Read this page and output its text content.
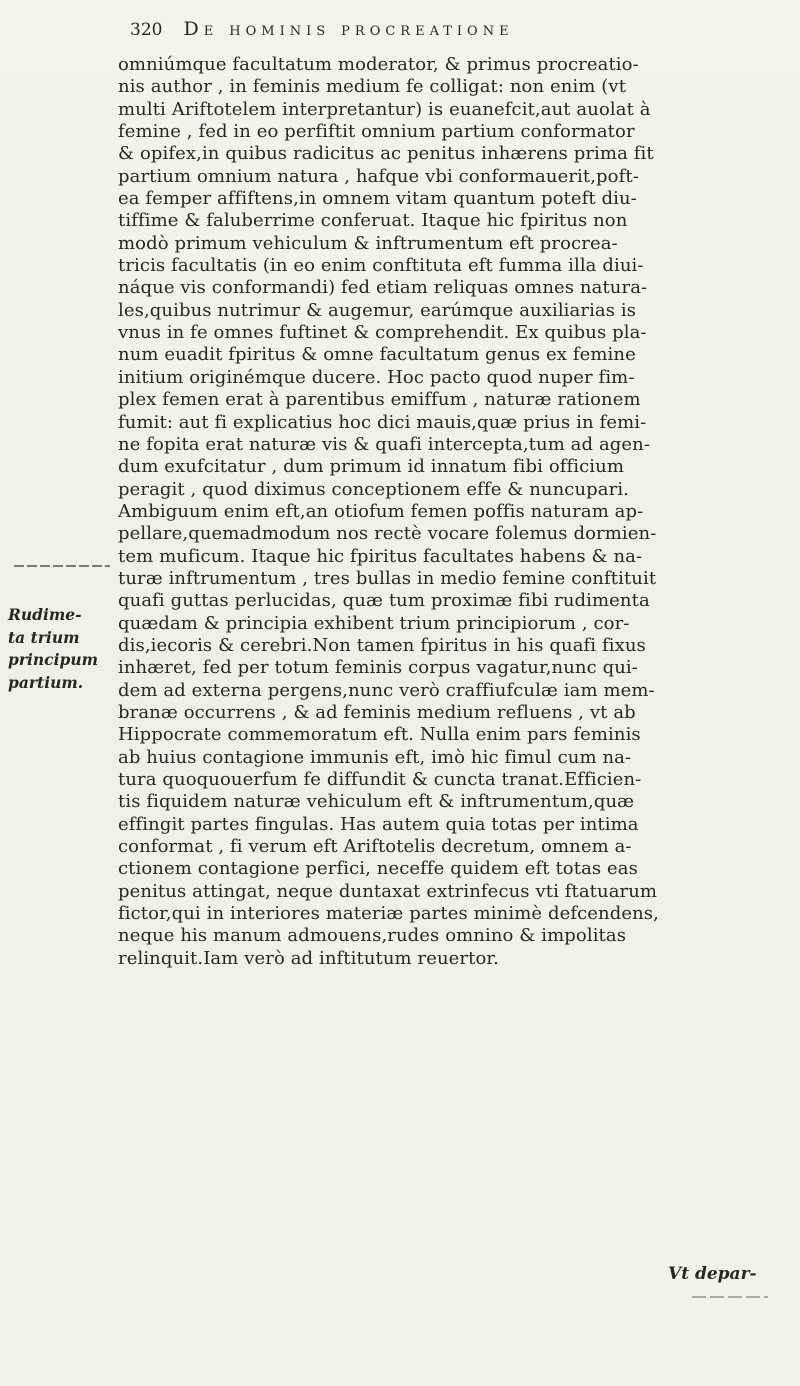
320 De hominis procreatione
Rudime-
ta trium
principum
partium.
omniúmque facultatum moderator, & primus procreatio-
nis author , in feminis medium fe colligat: non enim (vt
multi Ariftotelem interpretantur) is euanefcit,aut auolat à
femine , fed in eo perfiftit omnium partium conformator
& opifex,in quibus radicitus ac penitus inhærens prima fit
partium omnium natura , hafque vbi conformauerit,poft-
ea femper affiftens,in omnem vitam quantum poteft diu-
tiffime & faluberrime conferuat. Itaque hic fpiritus non
modò primum vehiculum & inftrumentum eft procrea-
tricis facultatis (in eo enim conftituta eft fumma illa diui-
náque vis conformandi) fed etiam reliquas omnes natura-
les,quibus nutrimur & augemur, earúmque auxiliarias is
vnus in fe omnes fuftinet & comprehendit. Ex quibus pla-
num euadit fpiritus & omne facultatum genus ex femine
initium originémque ducere. Hoc pacto quod nuper fim-
plex femen erat à parentibus emiffum , naturæ rationem
fumit: aut fi explicatius hoc dici mauis,quæ prius in femi-
ne fopita erat naturæ vis & quafi intercepta,tum ad agen-
dum exufcitatur , dum primum id innatum fibi officium
peragit , quod diximus conceptionem effe & nuncupari.
Ambiguum enim eft,an otiofum femen poffis naturam ap-
pellare,quemadmodum nos rectè vocare folemus dormien-
tem muficum. Itaque hic fpiritus facultates habens & na-
turæ inftrumentum , tres bullas in medio femine conftituit
quafi guttas perlucidas, quæ tum proximæ fibi rudimenta
quædam & principia exhibent trium principiorum , cor-
dis,iecoris & cerebri.Non tamen fpiritus in his quafi fixus
inhæret, fed per totum feminis corpus vagatur,nunc qui-
dem ad externa pergens,nunc verò craffiufculæ iam mem-
branæ occurrens , & ad feminis medium refluens , vt ab
Hippocrate commemoratum eft. Nulla enim pars feminis
ab huius contagione immunis eft, imò hic fimul cum na-
tura quoquouerfum fe diffundit & cuncta tranat.Efficien-
tis fiquidem naturæ vehiculum eft & inftrumentum,quæ
effingit partes fingulas. Has autem quia totas per intima
conformat , fi verum eft Ariftotelis decretum, omnem a-
ctionem contagione perfici, neceffe quidem eft totas eas
penitus attingat, neque duntaxat extrinfecus vti ftatuarum
fictor,qui in interiores materiæ partes minimè defcendens,
neque his manum admouens,rudes omnino & impolitas
relinquit.Iam verò ad inftitutum reuertor.
Vt depar-
